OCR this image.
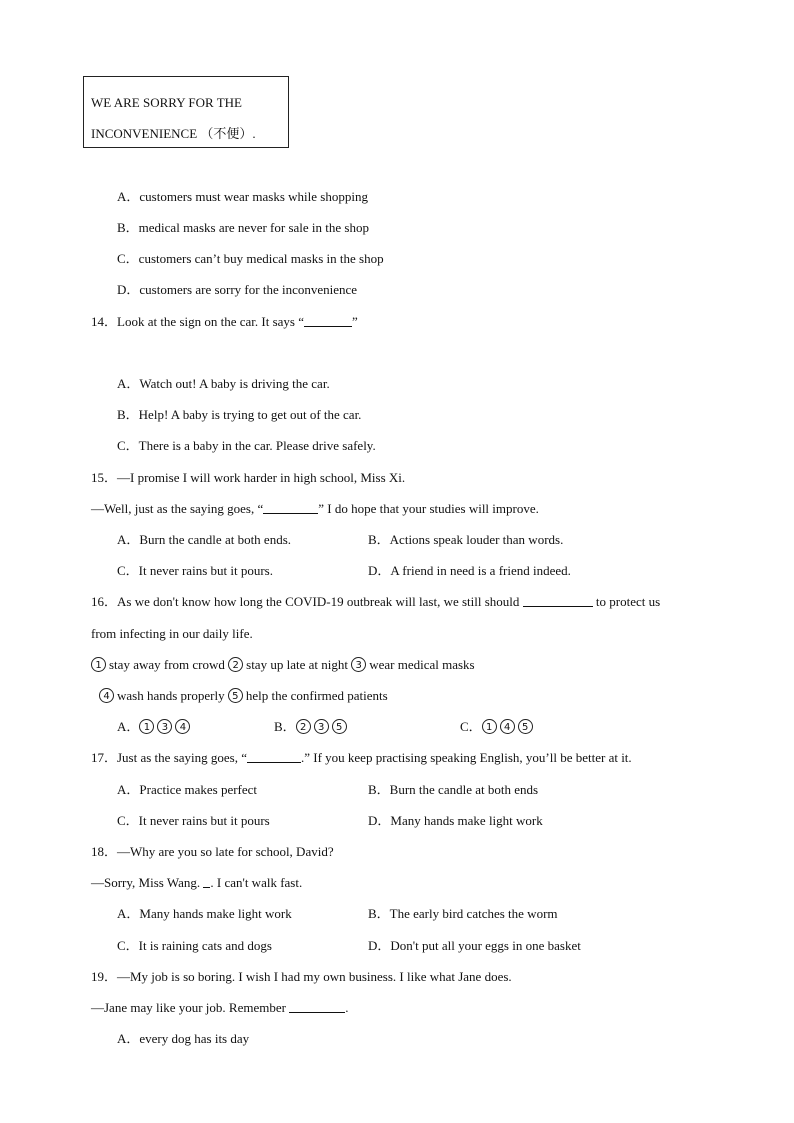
WE ARE SORRY FOR THE
INCONVENIENCE （不便）.
A．customers must wear masks while shopping
B．medical masks are never for sale in the shop
C．customers can’t buy medical masks in the shop
D．customers are sorry for the inconvenience
14．Look at the sign on the car. It says “	”
A．Watch out! A baby is driving the car.
B．Help! A baby is trying to get out of the car.
C．There is a baby in the car. Please drive safely.
15．—I promise I will work harder in high school, Miss Xi.
—Well, just as the saying goes, “	” I do hope that your studies will improve.
A．Burn the candle at both ends.	B．Actions speak louder than words.
C．It never rains but it pours.	D．A friend in need is a friend indeed.
16．As we don't know how long the COVID-19 outbreak will last, we still should	to protect us
from infecting in our daily life.
1 stay away from crowd 2 stay up late at night 3 wear medical masks
4 wash hands properly 5 help the confirmed patients
A． 1 3 4	B． 2 3 5	C． 1 4 5
17．Just as the saying goes, “	.” If you keep practising speaking English, you’ll be better at it.
A．Practice makes perfect	B．Burn the candle at both ends
C．It never rains but it pours	D．Many hands make light work
18．—Why are you so late for school, David?
—Sorry, Miss Wang. . I can't walk fast.
A．Many hands make light work	B．The early bird catches the worm
C．It is raining cats and dogs	D．Don't put all your eggs in one basket
19．—My job is so boring. I wish I had my own business. I like what Jane does.
—Jane may like your job. Remember	.
A．every dog has its day
